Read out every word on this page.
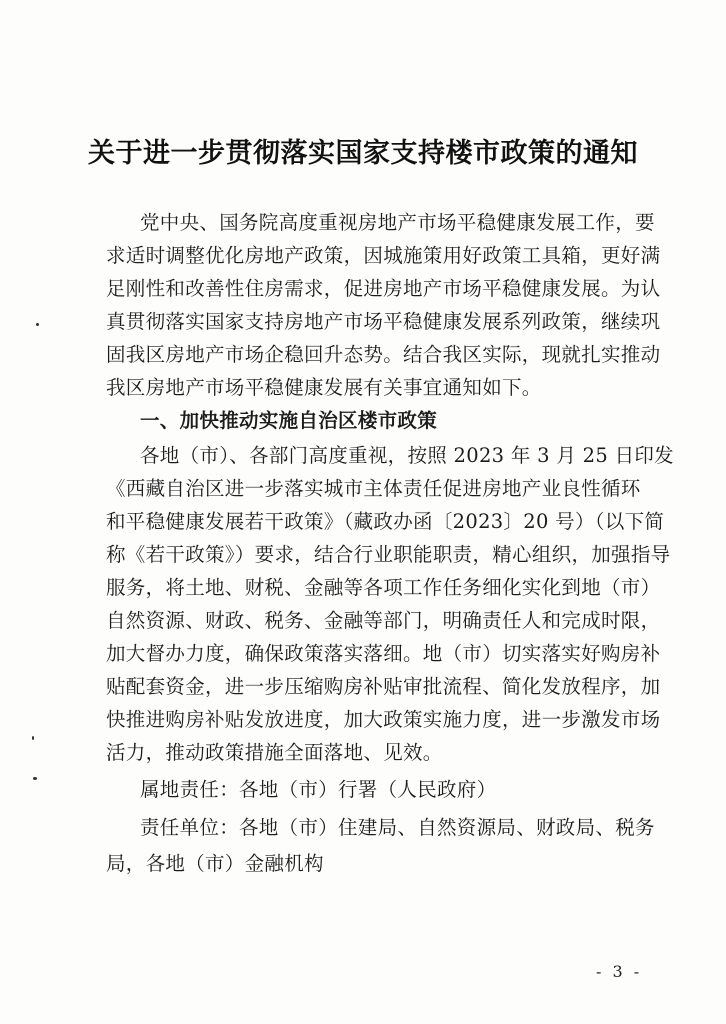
关于进一步贯彻落实国家支持楼市政策的通知
党中央、国务院高度重视房地产市场平稳健康发展工作，要
求适时调整优化房地产政策，因城施策用好政策工具箱，更好满
足刚性和改善性住房需求，促进房地产市场平稳健康发展。为认
真贯彻落实国家支持房地产市场平稳健康发展系列政策，继续巩
固我区房地产市场企稳回升态势。结合我区实际，现就扎实推动
我区房地产市场平稳健康发展有关事宜通知如下。
一、加快推动实施自治区楼市政策
各地（市）、各部门高度重视，按照 2023 年 3 月 25 日印发
《西藏自治区进一步落实城市主体责任促进房地产业良性循环
和平稳健康发展若干政策》（藏政办函〔2023〕20 号）（以下简
称《若干政策》）要求，结合行业职能职责，精心组织，加强指导
服务，将土地、财税、金融等各项工作任务细化实化到地（市）
自然资源、财政、税务、金融等部门，明确责任人和完成时限，
加大督办力度，确保政策落实落细。地（市）切实落实好购房补
贴配套资金，进一步压缩购房补贴审批流程、简化发放程序，加
快推进购房补贴发放进度，加大政策实施力度，进一步激发市场
活力，推动政策措施全面落地、见效。
属地责任：各地（市）行署（人民政府）
责任单位：各地（市）住建局、自然资源局、财政局、税务
局，各地（市）金融机构
- 3 -
